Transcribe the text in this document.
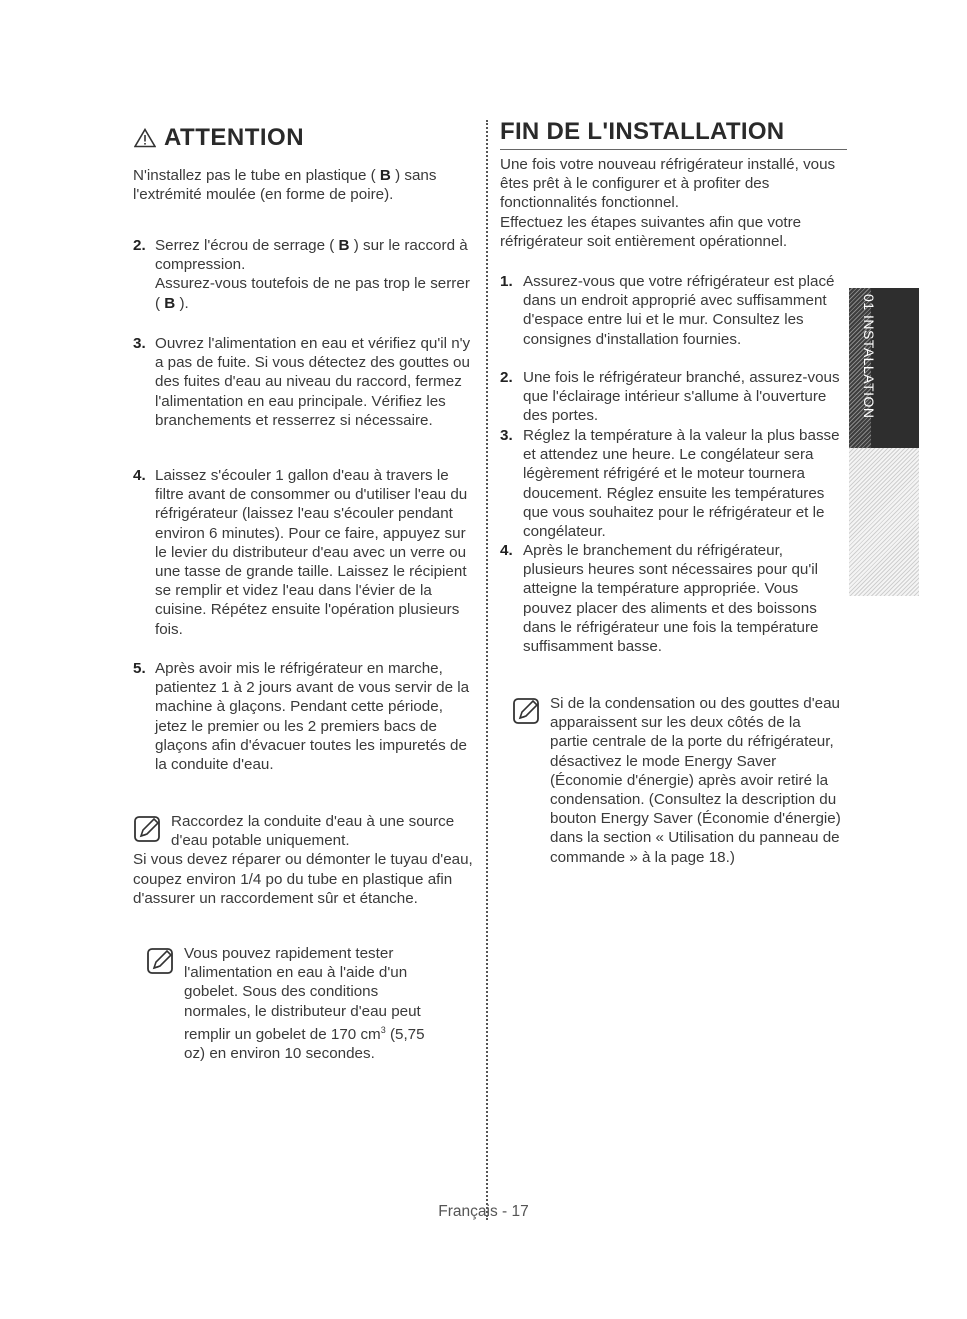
ATTENTION

N'installez pas le tube en plastique ( B ) sans l'extrémité moulée (en forme de poire).

2. Serrez l'écrou de serrage ( B ) sur le raccord à compression.
Assurez-vous toutefois de ne pas trop le serrer ( B ).

3. Ouvrez l'alimentation en eau et vérifiez qu'il n'y a pas de fuite. Si vous détectez des gouttes ou des fuites d'eau au niveau du raccord, fermez l'alimentation en eau principale. Vérifiez les branchements et resserrez si nécessaire.

4. Laissez s'écouler 1 gallon d'eau à travers le filtre avant de consommer ou d'utiliser l'eau du réfrigérateur (laissez l'eau s'écouler pendant environ 6 minutes). Pour ce faire, appuyez sur le levier du distributeur d'eau avec un verre ou une tasse de grande taille. Laissez le récipient se remplir et videz l'eau dans l'évier de la cuisine. Répétez ensuite l'opération plusieurs fois.

5. Après avoir mis le réfrigérateur en marche, patientez 1 à 2 jours avant de vous servir de la machine à glaçons. Pendant cette période, jetez le premier ou les 2 premiers bacs de glaçons afin d'évacuer toutes les impuretés de la conduite d'eau.

Raccordez la conduite d'eau à une source d'eau potable uniquement.

Si vous devez réparer ou démonter le tuyau d'eau, coupez environ 1/4 po du tube en plastique afin d'assurer un raccordement sûr et étanche.

Vous pouvez rapidement tester l'alimentation en eau à l'aide d'un gobelet. Sous des conditions normales, le distributeur d'eau peut remplir un gobelet de 170 $cm^3$ (5,75 oz) en environ 10 secondes.

FIN DE L'INSTALLATION

Une fois votre nouveau réfrigérateur installé, vous êtes prêt à le configurer et à profiter des fonctionnalités fonctionnel.
Effectuez les étapes suivantes afin que votre réfrigérateur soit entièrement opérationnel.

1. Assurez-vous que votre réfrigérateur est placé dans un endroit approprié avec suffisamment d'espace entre lui et le mur. Consultez les consignes d'installation fournies.

2. Une fois le réfrigérateur branché, assurez-vous que l'éclairage intérieur s'allume à l'ouverture des portes.

3. Réglez la température à la valeur la plus basse et attendez une heure. Le congélateur sera légèrement réfrigéré et le moteur tournera doucement. Réglez ensuite les températures que vous souhaitez pour le réfrigérateur et le congélateur.

4. Après le branchement du réfrigérateur, plusieurs heures sont nécessaires pour qu'il atteigne la température appropriée. Vous pouvez placer des aliments et des boissons dans le réfrigérateur une fois la température suffisamment basse.

Si de la condensation ou des gouttes d'eau apparaissent sur les deux côtés de la partie centrale de la porte du réfrigérateur, désactivez le mode Energy Saver (Économie d'énergie) après avoir retiré la condensation. (Consultez la description du bouton Energy Saver (Économie d'énergie) dans la section « Utilisation du panneau de commande » à la page 18.)

01 INSTALLATION
Français - 17
